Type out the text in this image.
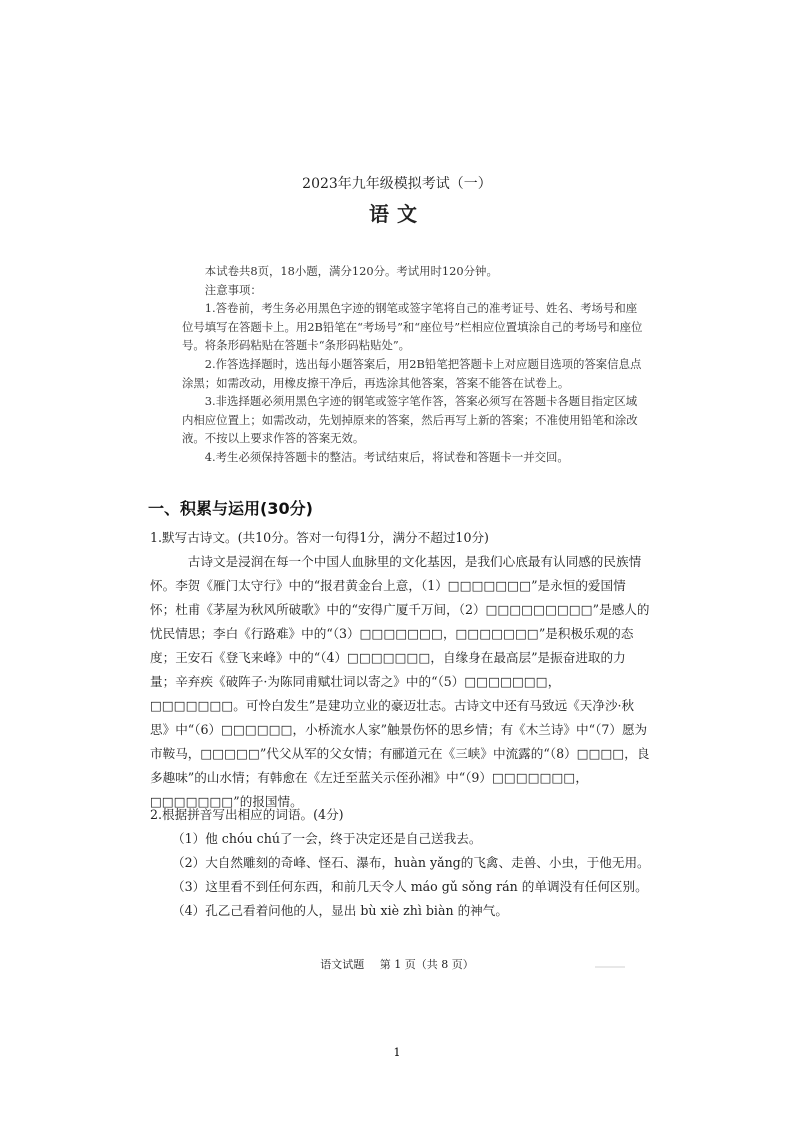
2023年九年级模拟考试（一）
语文

本试卷共8页，18小题，满分120分。考试用时120分钟。

注意事项：

1.答卷前，考生务必用黑色字迹的钢笔或签字笔将自己的准考证号、姓名、考场号和座位号填写在答题卡上。用2B铅笔在“考场号”和“座位号”栏相应位置填涂自己的考场号和座位号。将条形码粘贴在答题卡“条形码粘贴处”。

2.作答选择题时，选出每小题答案后，用2B铅笔把答题卡上对应题目选项的答案信息点涂黑；如需改动，用橡皮擦干净后，再选涂其他答案，答案不能答在试卷上。

3.非选择题必须用黑色字迹的钢笔或签字笔作答，答案必须写在答题卡各题目指定区域内相应位置上；如需改动，先划掉原来的答案，然后再写上新的答案；不准使用铅笔和涂改液。不按以上要求作答的答案无效。

4.考生必须保持答题卡的整洁。考试结束后，将试卷和答题卡一并交回。

一、积累与运用(30分)

1.默写古诗文。(共10分。答对一句得1分，满分不超过10分)

古诗文是浸润在每一个中国人血脉里的文化基因，是我们心底最有认同感的民族情怀。李贺《雁门太守行》中的“报君黄金台上意，（1）□□□□□□□”是永恒的爱国情怀；杜甫《茅屋为秋风所破歌》中的“安得广厦千万间，（2）□□□□□□□□□”是感人的忧民情思；李白《行路难》中的“（3）□□□□□□□，□□□□□□□”是积极乐观的态度；王安石《登飞来峰》中的“（4）□□□□□□□，自缘身在最高层”是振奋进取的力量；辛弃疾《破阵子·为陈同甫赋壮词以寄之》中的“（5）□□□□□□□，□□□□□□□。可怜白发生”是建功立业的豪迈壮志。古诗文中还有马致远《天净沙·秋思》中“（6）□□□□□□，小桥流水人家”触景伤怀的思乡情；有《木兰诗》中“（7）愿为市鞍马，□□□□□”代父从军的父女情；有郦道元在《三峡》中流露的“（8）□□□□，良多趣味”的山水情；有韩愈在《左迁至蓝关示侄孙湘》中“（9）□□□□□□□，□□□□□□□”的报国情。

2.根据拼音写出相应的词语。(4分)

（1）他 chóu chú了一会，终于决定还是自己送我去。

（2）大自然雕刻的奇峰、怪石、瀑布，huàn yǎng的飞禽、走兽、小虫，于他无用。

（3）这里看不到任何东西，和前几天令人 máo gǔ sǒng rán 的单调没有任何区别。

（4）孔乙己看着问他的人，显出 bù xiè zhì biàn 的神气。

语文试题 第 1 页（共 8 页）
1
